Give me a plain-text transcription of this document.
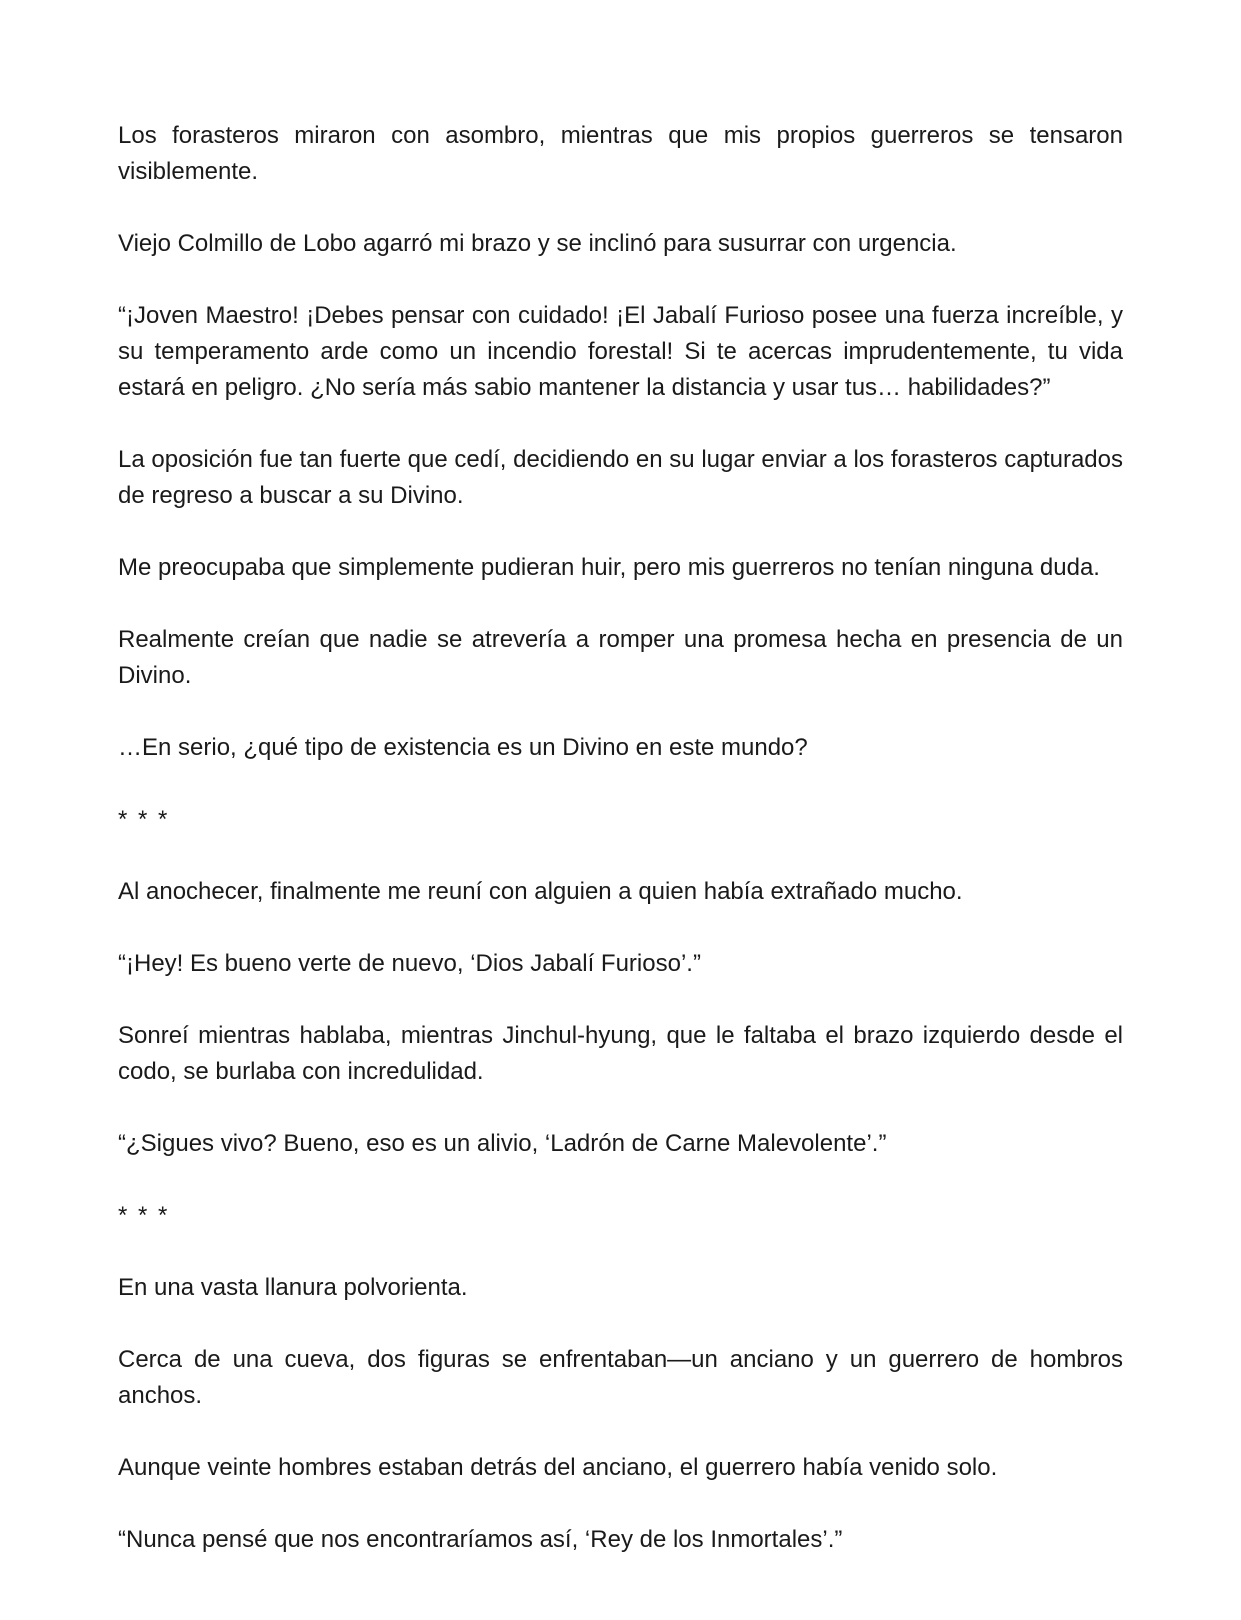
Los forasteros miraron con asombro, mientras que mis propios guerreros se tensaron visiblemente.

Viejo Colmillo de Lobo agarró mi brazo y se inclinó para susurrar con urgencia.

“¡Joven Maestro! ¡Debes pensar con cuidado! ¡El Jabalí Furioso posee una fuerza increíble, y su temperamento arde como un incendio forestal! Si te acercas imprudentemente, tu vida estará en peligro. ¿No sería más sabio mantener la distancia y usar tus… habilidades?”

La oposición fue tan fuerte que cedí, decidiendo en su lugar enviar a los forasteros capturados de regreso a buscar a su Divino.

Me preocupaba que simplemente pudieran huir, pero mis guerreros no tenían ninguna duda.

Realmente creían que nadie se atrevería a romper una promesa hecha en presencia de un Divino.

…En serio, ¿qué tipo de existencia es un Divino en este mundo?

* * *

Al anochecer, finalmente me reuní con alguien a quien había extrañado mucho.

“¡Hey! Es bueno verte de nuevo, ‘Dios Jabalí Furioso’.”

Sonreí mientras hablaba, mientras Jinchul-hyung, que le faltaba el brazo izquierdo desde el codo, se burlaba con incredulidad.

“¿Sigues vivo? Bueno, eso es un alivio, ‘Ladrón de Carne Malevolente’.”

* * *

En una vasta llanura polvorienta.

Cerca de una cueva, dos figuras se enfrentaban—un anciano y un guerrero de hombros anchos.

Aunque veinte hombres estaban detrás del anciano, el guerrero había venido solo.

“Nunca pensé que nos encontraríamos así, ‘Rey de los Inmortales’.”
